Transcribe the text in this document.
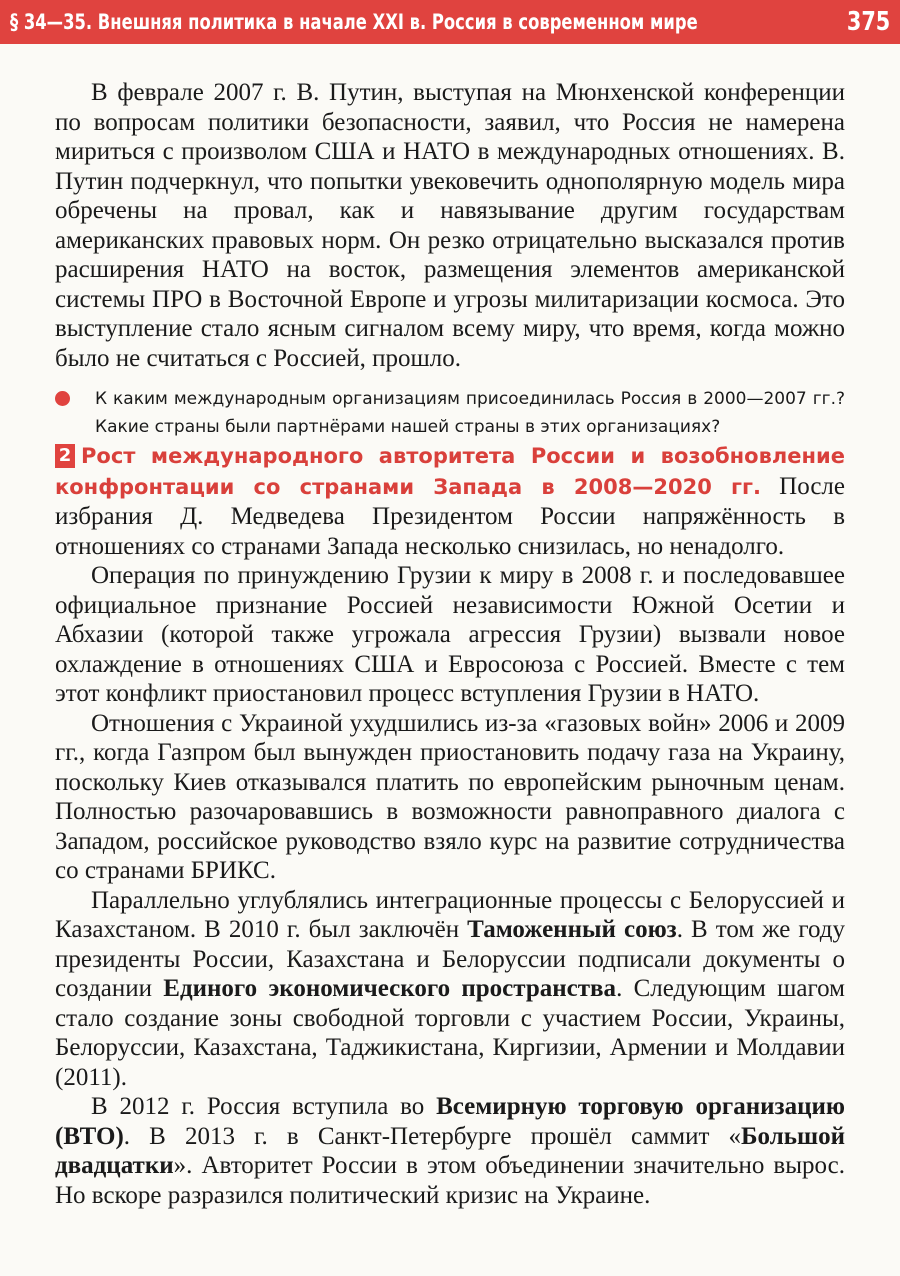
§ 34—35. Внешняя политика в начале XXI в. Россия в современном мире	375

В феврале 2007 г. В. Путин, выступая на Мюнхенской конференции по вопросам политики безопасности, заявил, что Россия не намерена мириться с произволом США и НАТО в международных отношениях. В. Путин подчеркнул, что попытки увековечить однополярную модель мира обречены на провал, как и навязывание другим государствам американских правовых норм. Он резко отрицательно высказался против расширения НАТО на восток, размещения элементов американской системы ПРО в Восточной Европе и угрозы милитаризации космоса. Это выступление стало ясным сигналом всему миру, что время, когда можно было не считаться с Россией, прошло.

К каким международным организациям присоединилась Россия в 2000—2007 гг.? Какие страны были партнёрами нашей страны в этих организациях?

2 Рост международного авторитета России и возобновление конфронтации со странами Запада в 2008—2020 гг. После избрания Д. Медведева Президентом России напряжённость в отношениях со странами Запада несколько снизилась, но ненадолго.

Операция по принуждению Грузии к миру в 2008 г. и последовавшее официальное признание Россией независимости Южной Осетии и Абхазии (которой также угрожала агрессия Грузии) вызвали новое охлаждение в отношениях США и Евросоюза с Россией. Вместе с тем этот конфликт приостановил процесс вступления Грузии в НАТО.

Отношения с Украиной ухудшились из-за «газовых войн» 2006 и 2009 гг., когда Газпром был вынужден приостановить подачу газа на Украину, поскольку Киев отказывался платить по европейским рыночным ценам. Полностью разочаровавшись в возможности равноправного диалога с Западом, российское руководство взяло курс на развитие сотрудничества со странами БРИКС.

Параллельно углублялись интеграционные процессы с Белоруссией и Казахстаном. В 2010 г. был заключён Таможенный союз. В том же году президенты России, Казахстана и Белоруссии подписали документы о создании Единого экономического пространства. Следующим шагом стало создание зоны свободной торговли с участием России, Украины, Белоруссии, Казахстана, Таджикистана, Киргизии, Армении и Молдавии (2011).

В 2012 г. Россия вступила во Всемирную торговую организацию (ВТО). В 2013 г. в Санкт-Петербурге прошёл саммит «Большой двадцатки». Авторитет России в этом объединении значительно вырос. Но вскоре разразился политический кризис на Украине.
